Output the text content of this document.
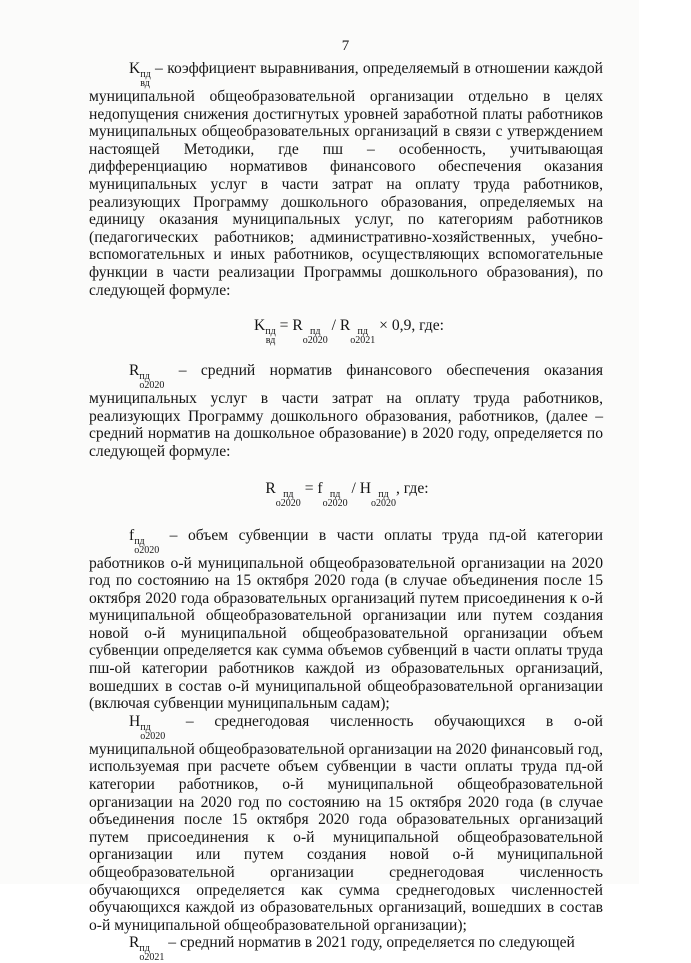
7

K пд
вд
– коэффициент выравнивания, определяемый в отношении каждой муниципальной общеобразовательной организации отдельно в целях недопущения снижения достигнутых уровней заработной платы работников муниципальных общеобразовательных организаций в связи с утверждением настоящей Методики, где пш – особенность, учитывающая дифференциацию нормативов финансового обеспечения оказания муниципальных услуг в части затрат на оплату труда работников, реализующих Программу дошкольного образования, определяемых на единицу оказания муниципальных услуг, по категориям работников (педагогических работников; административно-хозяйственных, учебно-вспомогательных и иных работников, осуществляющих вспомогательные функции в части реализации Программы дошкольного образования), по следующей формуле:

K пд
вд
= R пд
о2020
/ R пд
о2021
× 0,9, где:

R пд
о2020
– средний норматив финансового обеспечения оказания муниципальных услуг в части затрат на оплату труда работников, реализующих Программу дошкольного образования, работников, (далее – средний норматив на дошкольное образование) в 2020 году, определяется по следующей формуле:

R пд
о2020
= f пд
о2020
/ Н пд
о2020
, где:

f пд
о2020
– объем субвенции в части оплаты труда пд-ой категории работников о-й муниципальной общеобразовательной организации на 2020 год по состоянию на 15 октября 2020 года (в случае объединения после 15 октября 2020 года образовательных организаций путем присоединения к о-й муниципальной общеобразовательной организации или путем создания новой о-й муниципальной общеобразовательной организации объем субвенции определяется как сумма объемов субвенций в части оплаты труда пш-ой категории работников каждой из образовательных организаций, вошедших в состав о-й муниципальной общеобразовательной организации (включая субвенции муниципальным садам);

Н пд
о2020
– среднегодовая численность обучающихся в о-ой муниципальной общеобразовательной организации на 2020 финансовый год, используемая при расчете объем субвенции в части оплаты труда пд-ой категории работников, о-й муниципальной общеобразовательной организации на 2020 год по состоянию на 15 октября 2020 года (в случае объединения после 15 октября 2020 года образовательных организаций путем присоединения к о-й муниципальной общеобразовательной организации или путем создания новой о-й муниципальной общеобразовательной организации среднегодовая численность обучающихся определяется как сумма среднегодовых численностей обучающихся каждой из образовательных организаций, вошедших в состав о-й муниципальной общеобразовательной организации);

R пд
о2021
– средний норматив в 2021 году, определяется по следующей
